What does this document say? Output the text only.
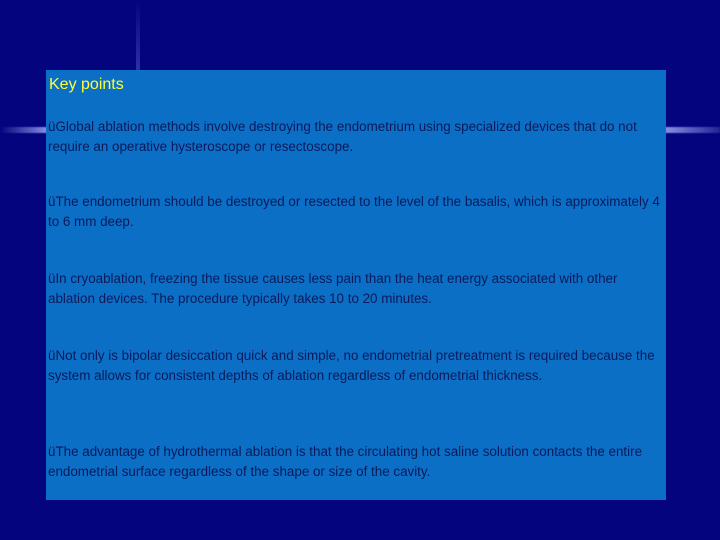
Key points
üGlobal ablation methods involve destroying the endometrium using specialized devices that do not require an operative hysteroscope or resectoscope.
üThe endometrium should be destroyed or resected to the level of the basalis, which is approximately 4 to 6 mm deep.
üIn cryoablation, freezing the tissue causes less pain than the heat energy associated with other ablation devices. The procedure typically takes 10 to 20 minutes.
üNot only is bipolar desiccation quick and simple, no endometrial pretreatment is required because the system allows for consistent depths of ablation regardless of endometrial thickness.
üThe advantage of hydrothermal ablation is that the circulating hot saline solution contacts the entire endometrial surface regardless of the shape or size of the cavity.
